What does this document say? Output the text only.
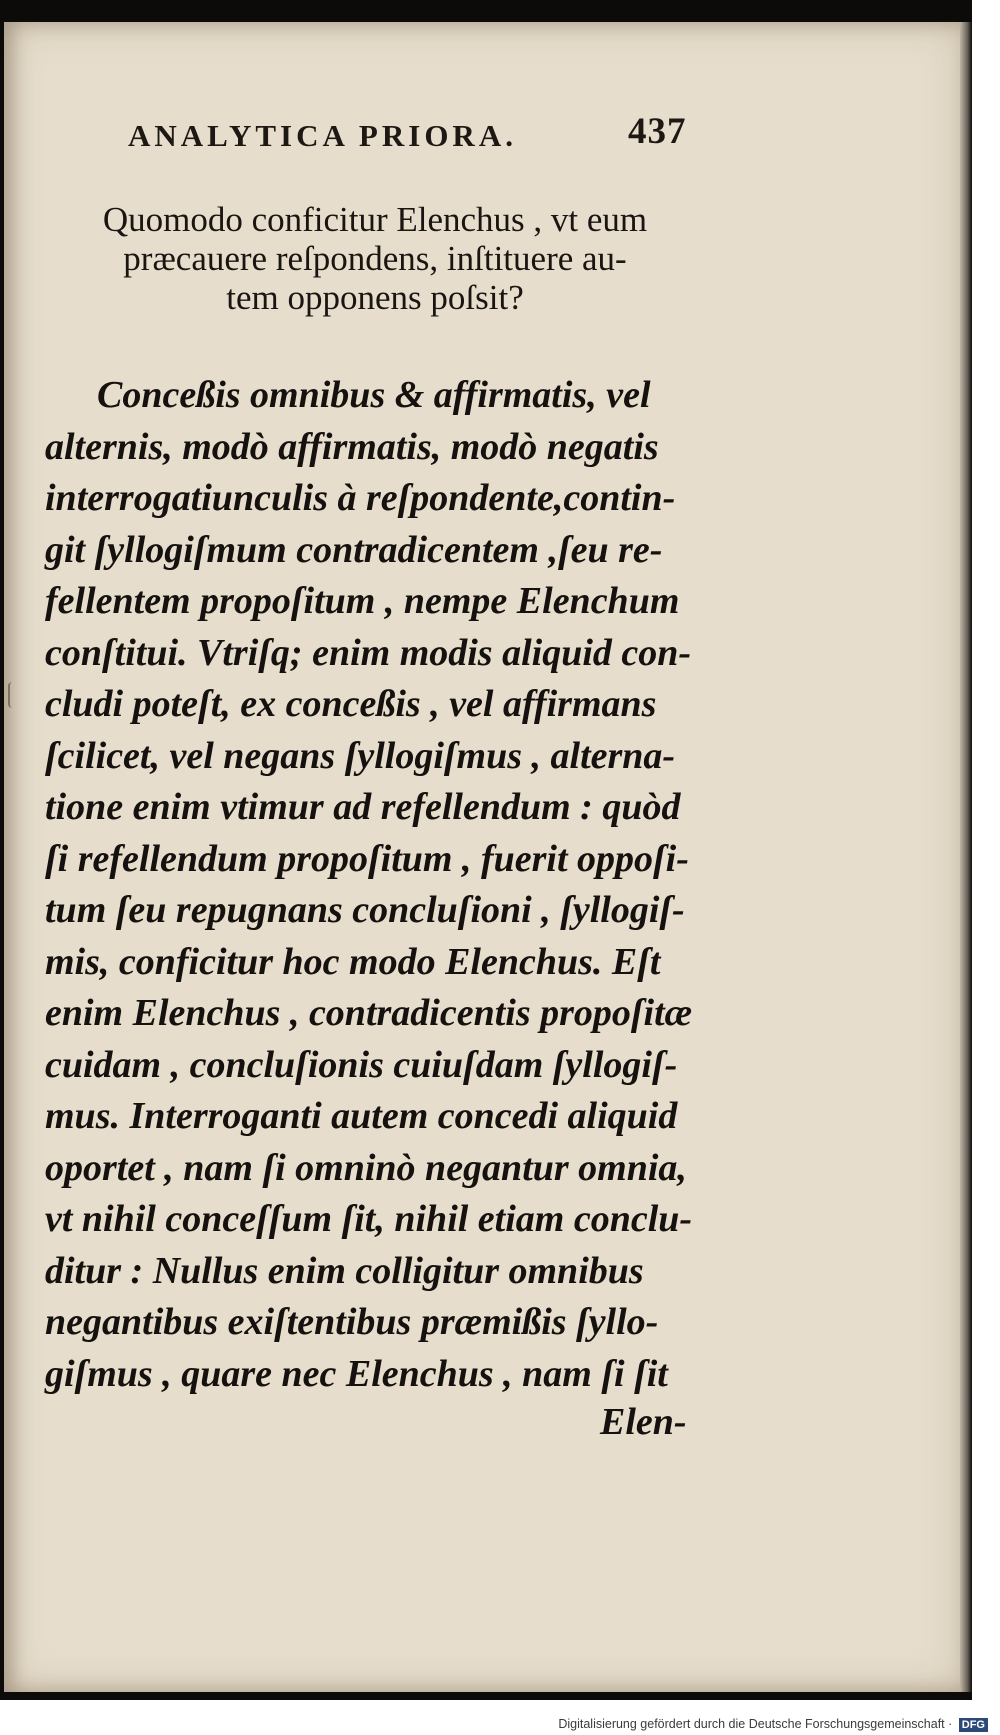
ANALYTICA PRIORA.	437
Quomodo conficitur Elenchus , vt eum
præcauere reſpondens, inſtituere au-
tem opponens poſsit?
Conceßis omnibus & affirmatis, vel
alternis, modò affirmatis, modò negatis
interrogatiunculis à reſpondente,contin-
git ſyllogiſmum contradicentem ,ſeu re-
fellentem propoſitum , nempe Elenchum
conſtitui. Vtriſq; enim modis aliquid con-
cludi poteſt, ex conceßis , vel affirmans
ſcilicet, vel negans ſyllogiſmus , alterna-
tione enim vtimur ad refellendum : quòd
ſi refellendum propoſitum , fuerit oppoſi-
tum ſeu repugnans concluſioni , ſyllogiſ-
mis, conficitur hoc modo Elenchus. Eſt
enim Elenchus , contradicentis propoſitæ
cuidam , concluſionis cuiuſdam ſyllogiſ-
mus. Interroganti autem concedi aliquid
oportet , nam ſi omninò negantur omnia,
vt nihil conceſſum ſit, nihil etiam conclu-
ditur : Nullus enim colligitur omnibus
negantibus exiſtentibus præmißis ſyllo-
giſmus , quare nec Elenchus , nam ſi ſit
Elen-
Digitalisierung gefördert durch die Deutsche Forschungsgemeinschaft · DFG
